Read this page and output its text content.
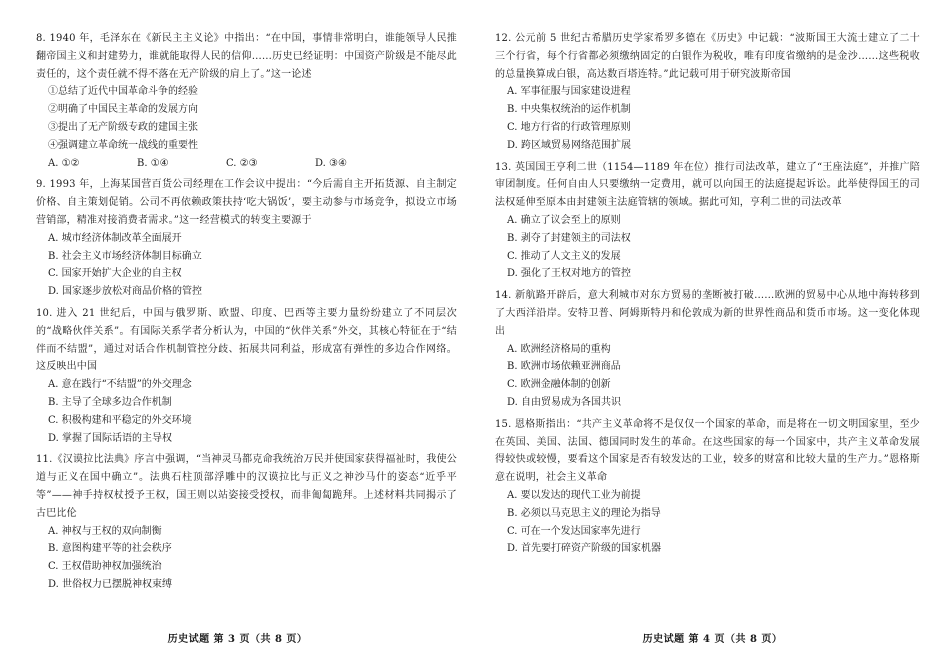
8. 1940 年，毛泽东在《新民主主义论》中指出：“在中国，事情非常明白，谁能领导人民推翻帝国主义和封建势力，谁就能取得人民的信仰……历史已经证明：中国资产阶级是不能尽此责任的，这个责任就不得不落在无产阶级的肩上了。”这一论述

①总结了近代中国革命斗争的经验

②明确了中国民主革命的发展方向

③提出了无产阶级专政的建国主张

④强调建立革命统一战线的重要性

A. ①②	B. ①④	C. ②③	D. ③④

9. 1993 年，上海某国营百货公司经理在工作会议中提出：“今后需自主开拓货源、自主制定价格、自主策划促销。公司不再依赖政策扶持‘吃大锅饭’，要主动参与市场竞争，拟设立市场营销部，精准对接消费者需求。”这一经营模式的转变主要源于

A. 城市经济体制改革全面展开

B. 社会主义市场经济体制目标确立

C. 国家开始扩大企业的自主权

D. 国家逐步放松对商品价格的管控

10. 进入 21 世纪后，中国与俄罗斯、欧盟、印度、巴西等主要力量纷纷建立了不同层次的“战略伙伴关系”。有国际关系学者分析认为，中国的“伙伴关系”外交，其核心特征在于“结伴而不结盟”，通过对话合作机制管控分歧、拓展共同利益，形成富有弹性的多边合作网络。这反映出中国

A. 意在践行“不结盟”的外交理念

B. 主导了全球多边合作机制

C. 积极构建和平稳定的外交环境

D. 掌握了国际话语的主导权

11.《汉谟拉比法典》序言中强调，“当神灵马都克命我统治万民并使国家获得福祉时，我使公道与正义在国中确立”。法典石柱顶部浮雕中的汉谟拉比与正义之神沙马什的姿态“近乎平等”——神手持权杖授予王权，国王则以站姿接受授权，而非匍匐跪拜。上述材料共同揭示了古巴比伦

A. 神权与王权的双向制衡

B. 意图构建平等的社会秩序

C. 王权借助神权加强统治

D. 世俗权力已摆脱神权束缚

历史试题 第 3 页（共 8 页）

12. 公元前 5 世纪古希腊历史学家希罗多德在《历史》中记载：“波斯国王大流士建立了二十三个行省，每个行省都必须缴纳固定的白银作为税收，唯有印度省缴纳的是金沙……这些税收的总量换算成白银，高达数百塔连特。”此记载可用于研究波斯帝国

A. 军事征服与国家建设进程

B. 中央集权统治的运作机制

C. 地方行省的行政管理原则

D. 跨区域贸易网络范围扩展

13. 英国国王亨利二世（1154—1189 年在位）推行司法改革，建立了“王座法庭”，并推广陪审团制度。任何自由人只要缴纳一定费用，就可以向国王的法庭提起诉讼。此举使得国王的司法权延伸至原本由封建领主法庭管辖的领域。据此可知，亨利二世的司法改革

A. 确立了议会至上的原则

B. 剥夺了封建领主的司法权

C. 推动了人文主义的发展

D. 强化了王权对地方的管控

14. 新航路开辟后，意大利城市对东方贸易的垄断被打破……欧洲的贸易中心从地中海转移到了大西洋沿岸。安特卫普、阿姆斯特丹和伦敦成为新的世界性商品和货币市场。这一变化体现出

A. 欧洲经济格局的重构

B. 欧洲市场依赖亚洲商品

C. 欧洲金融体制的创新

D. 自由贸易成为各国共识

15. 恩格斯指出：“共产主义革命将不是仅仅一个国家的革命，而是将在一切文明国家里，至少在英国、美国、法国、德国同时发生的革命。在这些国家的每一个国家中，共产主义革命发展得较快或较慢，要看这个国家是否有较发达的工业，较多的财富和比较大量的生产力。”恩格斯意在说明，社会主义革命

A. 要以发达的现代工业为前提

B. 必须以马克思主义的理论为指导

C. 可在一个发达国家率先进行

D. 首先要打碎资产阶级的国家机器

历史试题 第 4 页（共 8 页）
